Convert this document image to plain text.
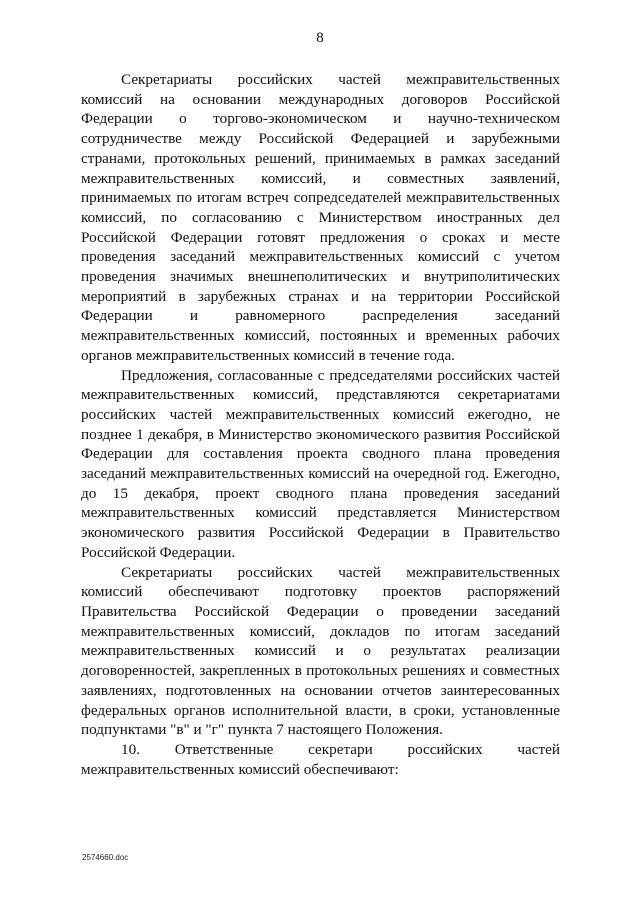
8

Секретариаты российских частей межправительственных комиссий на основании международных договоров Российской Федерации о торгово-экономическом и научно-техническом сотрудничестве между Российской Федерацией и зарубежными странами, протокольных решений, принимаемых в рамках заседаний межправительственных комиссий, и совместных заявлений, принимаемых по итогам встреч сопредседателей межправительственных комиссий, по согласованию с Министерством иностранных дел Российской Федерации готовят предложения о сроках и месте проведения заседаний межправительственных комиссий с учетом проведения значимых внешнеполитических и внутриполитических мероприятий в зарубежных странах и на территории Российской Федерации и равномерного распределения заседаний межправительственных комиссий, постоянных и временных рабочих органов межправительственных комиссий в течение года.

Предложения, согласованные с председателями российских частей межправительственных комиссий, представляются секретариатами российских частей межправительственных комиссий ежегодно, не позднее 1 декабря, в Министерство экономического развития Российской Федерации для составления проекта сводного плана проведения заседаний межправительственных комиссий на очередной год. Ежегодно, до 15 декабря, проект сводного плана проведения заседаний межправительственных комиссий представляется Министерством экономического развития Российской Федерации в Правительство Российской Федерации.

Секретариаты российских частей межправительственных комиссий обеспечивают подготовку проектов распоряжений Правительства Российской Федерации о проведении заседаний межправительственных комиссий, докладов по итогам заседаний межправительственных комиссий и о результатах реализации договоренностей, закрепленных в протокольных решениях и совместных заявлениях, подготовленных на основании отчетов заинтересованных федеральных органов исполнительной власти, в сроки, установленные подпунктами "в" и "г" пункта 7 настоящего Положения.

10. Ответственные секретари российских частей межправительственных комиссий обеспечивают:

2574660.doc
